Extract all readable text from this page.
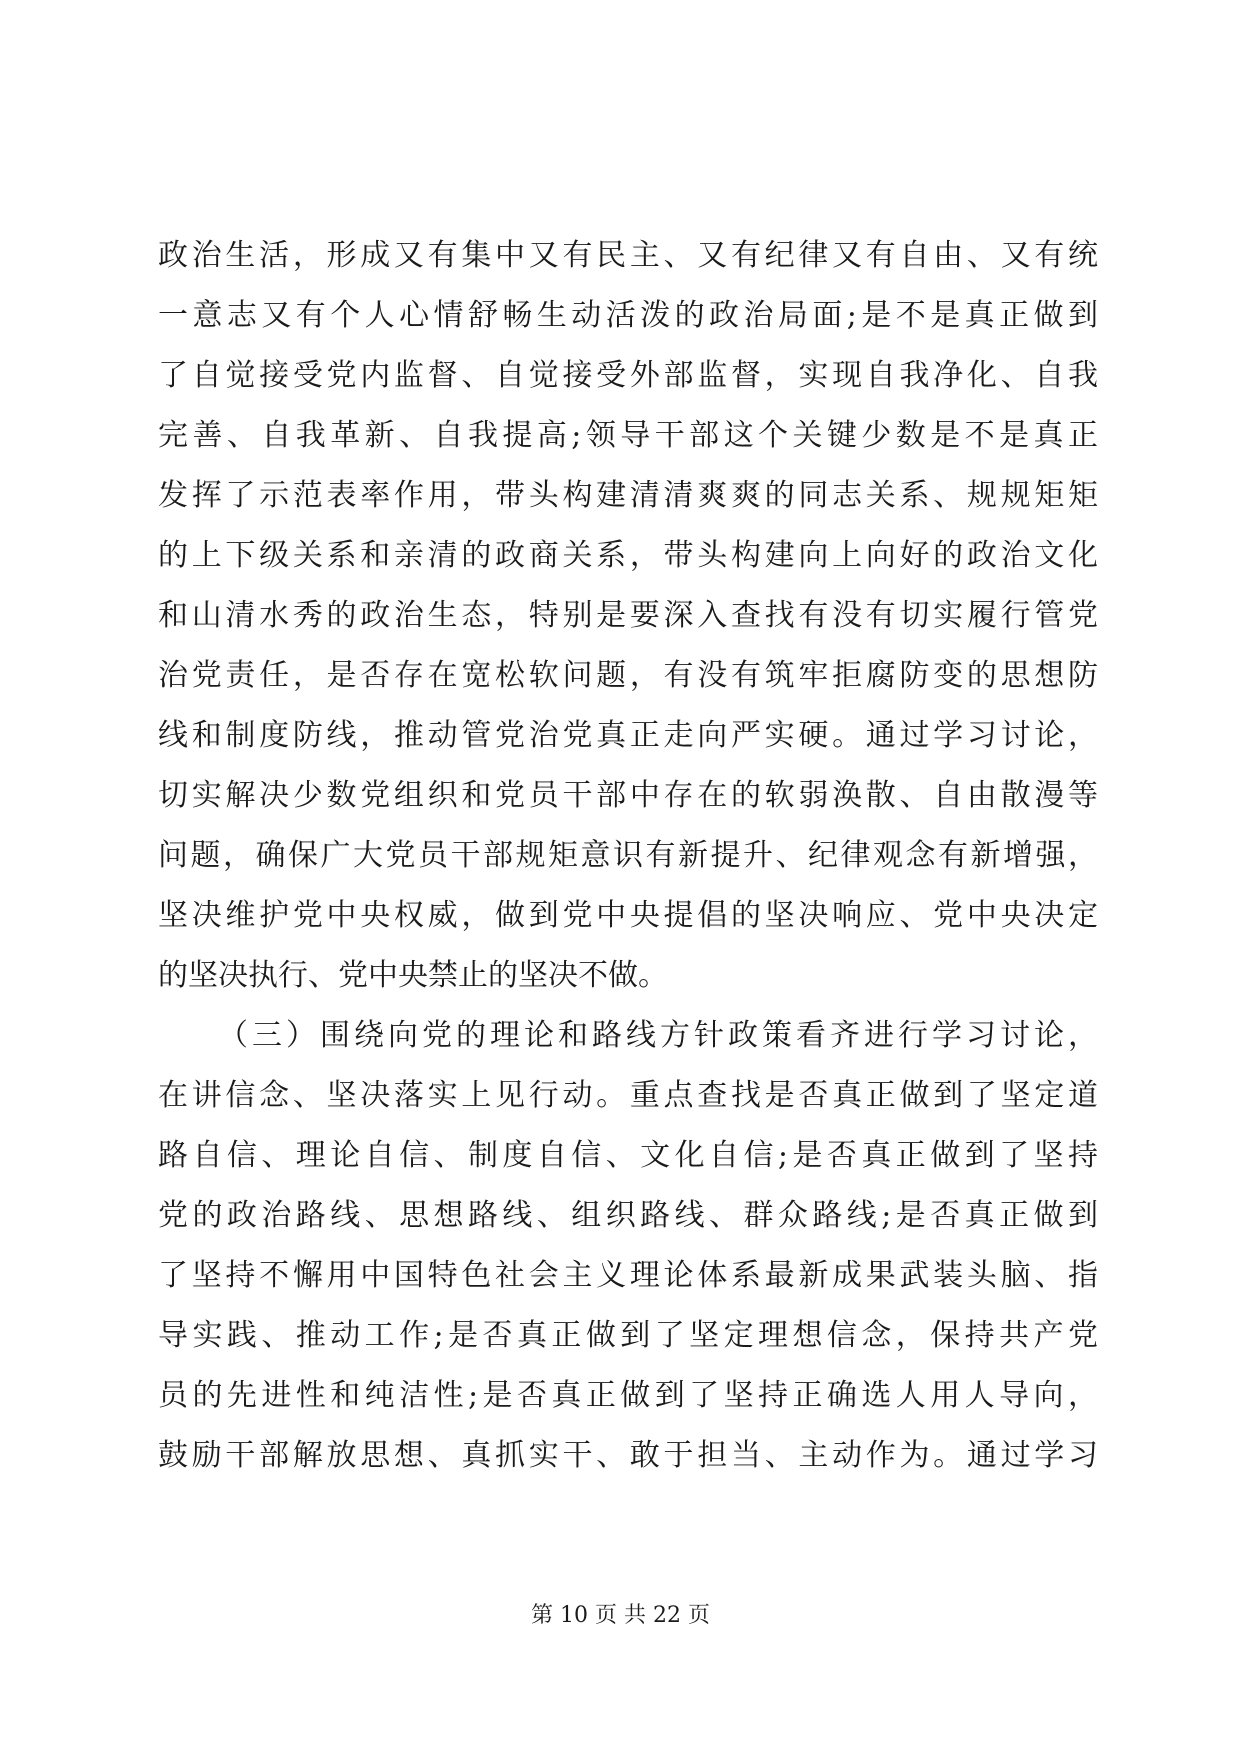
政治生活，形成又有集中又有民主、又有纪律又有自由、又有统
一意志又有个人心情舒畅生动活泼的政治局面;是不是真正做到
了自觉接受党内监督、自觉接受外部监督，实现自我净化、自我
完善、自我革新、自我提高;领导干部这个关键少数是不是真正
发挥了示范表率作用，带头构建清清爽爽的同志关系、规规矩矩
的上下级关系和亲清的政商关系，带头构建向上向好的政治文化
和山清水秀的政治生态，特别是要深入查找有没有切实履行管党
治党责任，是否存在宽松软问题，有没有筑牢拒腐防变的思想防
线和制度防线，推动管党治党真正走向严实硬。通过学习讨论，
切实解决少数党组织和党员干部中存在的软弱涣散、自由散漫等
问题，确保广大党员干部规矩意识有新提升、纪律观念有新增强，
坚决维护党中央权威，做到党中央提倡的坚决响应、党中央决定
的坚决执行、党中央禁止的坚决不做。
（三）围绕向党的理论和路线方针政策看齐进行学习讨论，
在讲信念、坚决落实上见行动。重点查找是否真正做到了坚定道
路自信、理论自信、制度自信、文化自信;是否真正做到了坚持
党的政治路线、思想路线、组织路线、群众路线;是否真正做到
了坚持不懈用中国特色社会主义理论体系最新成果武装头脑、指
导实践、推动工作;是否真正做到了坚定理想信念，保持共产党
员的先进性和纯洁性;是否真正做到了坚持正确选人用人导向，
鼓励干部解放思想、真抓实干、敢于担当、主动作为。通过学习
第 10 页 共 22 页
